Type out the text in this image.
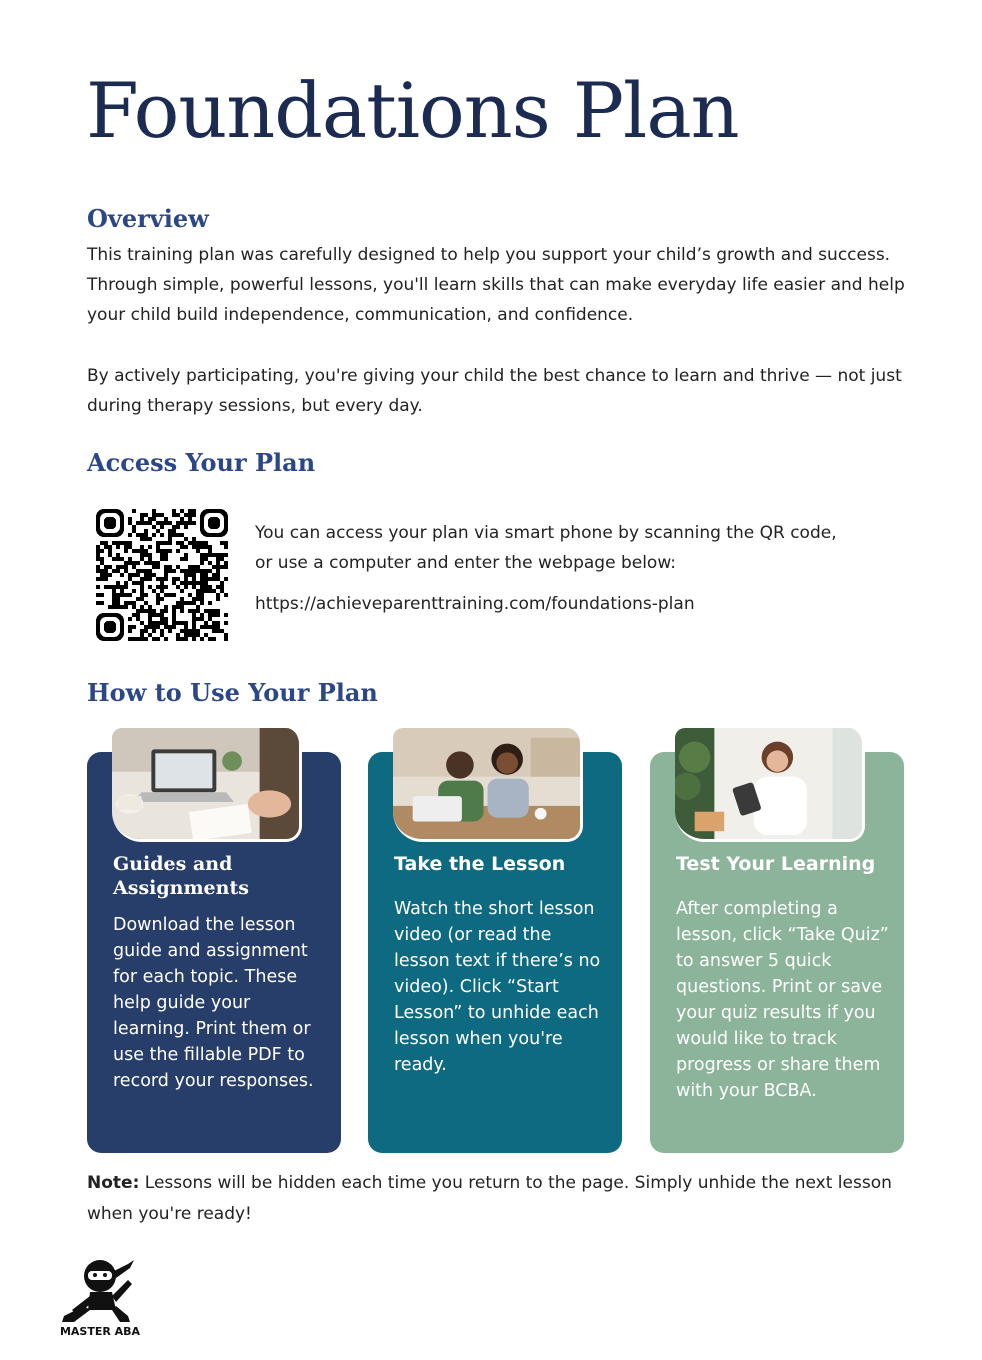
Foundations Plan
Overview

This training plan was carefully designed to help you support your child’s growth and success. Through simple, powerful lessons, you'll learn skills that can make everyday life easier and help your child build independence, communication, and confidence.

By actively participating, you're giving your child the best chance to learn and thrive — not just during therapy sessions, but every day.

Access Your Plan

You can access your plan via smart phone by scanning the QR code, or use a computer and enter the webpage below:

https://achieveparenttraining.com/foundations-plan
How to Use Your Plan
Guides and Assignments
Download the lesson guide and assignment for each topic. These help guide your learning. Print them or use the fillable PDF to record your responses.
Take the Lesson
Watch the short lesson video (or read the lesson text if there’s no video). Click “Start Lesson” to unhide each lesson when you're ready.
Test Your Learning
After completing a lesson, click “Take Quiz” to answer 5 quick questions. Print or save your quiz results if you would like to track progress or share them with your BCBA.

Note: Lessons will be hidden each time you return to the page. Simply unhide the next lesson when you're ready!

MASTER ABA
